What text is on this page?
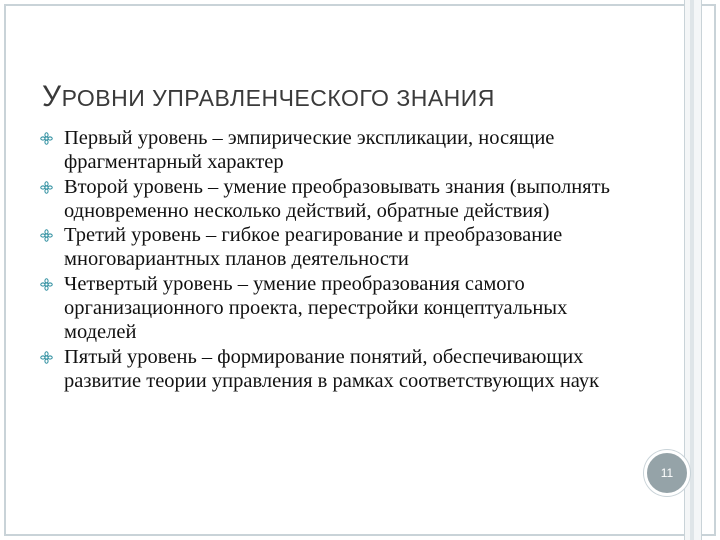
УРОВНИ УПРАВЛЕНЧЕСКОГО ЗНАНИЯ
Первый уровень – эмпирические экспликации, носящие фрагментарный характер
Второй уровень – умение преобразовывать знания (выполнять одновременно несколько действий, обратные действия)
Третий уровень – гибкое реагирование и преобразование многовариантных планов деятельности
Четвертый уровень – умение преобразования самого организационного проекта, перестройки концептуальных моделей
Пятый уровень – формирование понятий, обеспечивающих развитие теории управления в рамках соответствующих наук
11
